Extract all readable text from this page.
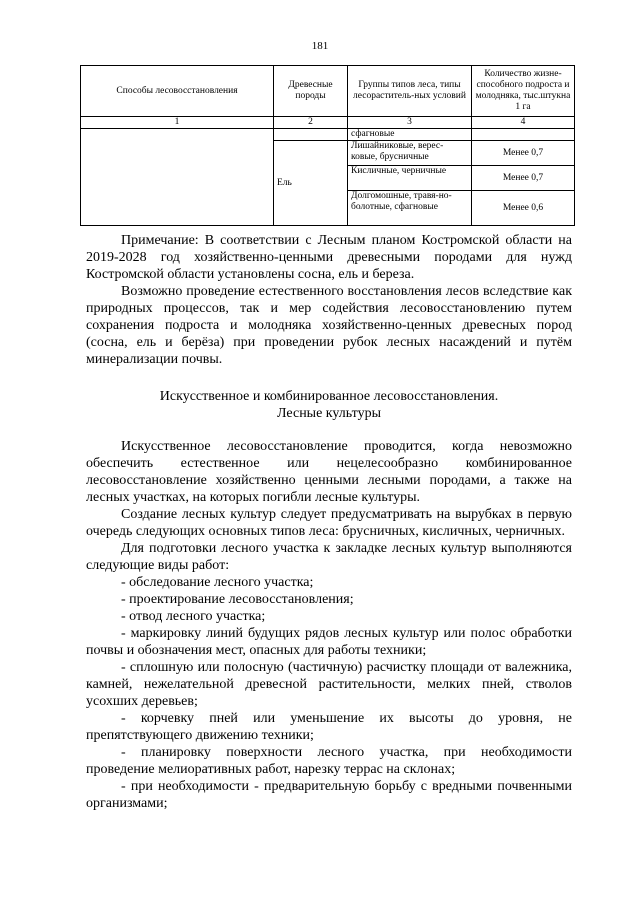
181
Способы лесовосстановления	Древесные породы	Группы типов леса, типы лесораститель-ных условий	Количество жизне-способного подроста и молодняка, тыс.штукна 1 га
1	2	3	4
		сфагновые	
	Ель	Лишайниковые, верес-ковые, брусничные	Менее 0,7
		Кисличные, черничные	Менее 0,7
		Долгомошные, травя-но-болотные, сфагновые	Менее 0,6

Примечание: В соответствии с Лесным планом Костромской области на 2019-2028 год хозяйственно-ценными древесными породами для нужд Костромской области установлены сосна, ель и береза.

Возможно проведение естественного восстановления лесов вследствие как природных процессов, так и мер содействия лесовосстановлению путем сохранения подроста и молодняка хозяйственно-ценных древесных пород (сосна, ель и берёза) при проведении рубок лесных насаждений и путём минерализации почвы.

Искусственное и комбинированное лесовосстановления.

Лесные культуры

Искусственное лесовосстановление проводится, когда невозможно обеспечить естественное или нецелесообразно комбинированное лесовосстановление хозяйственно ценными лесными породами, а также на лесных участках, на которых погибли лесные культуры.

Создание лесных культур следует предусматривать на вырубках в первую очередь следующих основных типов леса: брусничных, кисличных, черничных.

Для подготовки лесного участка к закладке лесных культур выполняются следующие виды работ:

- обследование лесного участка;

- проектирование лесовосстановления;

- отвод лесного участка;

- маркировку линий будущих рядов лесных культур или полос обработки почвы и обозначения мест, опасных для работы техники;

- сплошную или полосную (частичную) расчистку площади от валежника, камней, нежелательной древесной растительности, мелких пней, стволов усохших деревьев;

- корчевку пней или уменьшение их высоты до уровня, не препятствующего движению техники;

- планировку поверхности лесного участка, при необходимости проведение мелиоративных работ, нарезку террас на склонах;

- при необходимости - предварительную борьбу с вредными почвенными организмами;
